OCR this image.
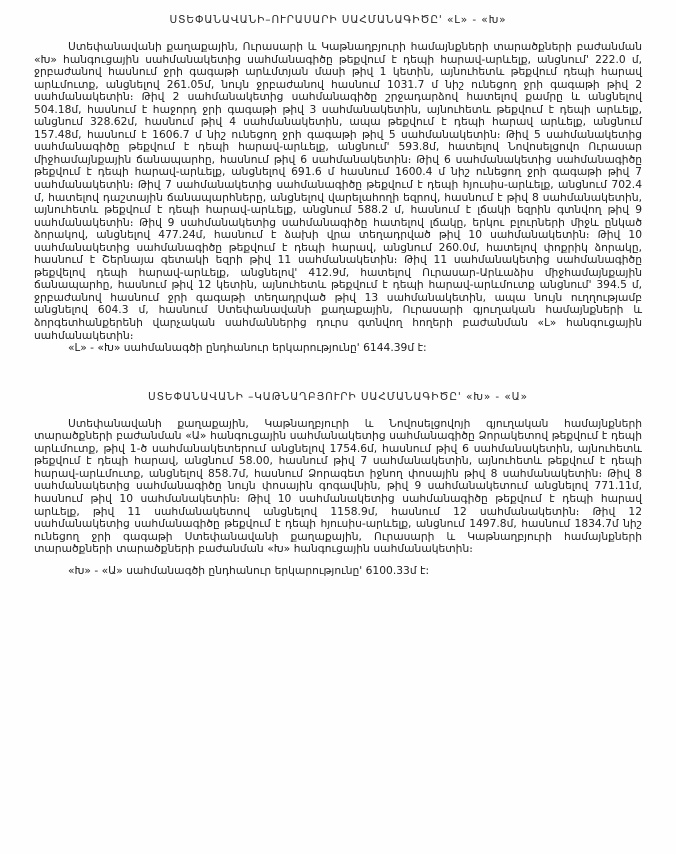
ՍՏԵՓԱՆԱՎԱՆԻ–ՈՒՐԱՍԱՐԻ ՍԱՀՄԱՆԱԳԻԾԸ' «Լ» - «Խ»

Ստեփանավանի քաղաքային, Ուրասարի և Կաթնաղբյուրի համայնքների տարածքների բաժանման «Խ» հանգուցային սահմանակետից սահմանագիծը թեքվում է դեպի հարավ-արևելք, անցնում' 222.0 մ, ջրբաժանով հասնում ջրի գագաթի արևմտյան մասի թիվ 1 կետին, այնուհետև թեքվում դեպի հարավ արևմուտք, անցնելով 261.05մ, նույն ջրբաժանով հասնում 1031.7 մ նիշ ունեցող ջրի գագաթի թիվ 2 սահմանակետին։ Թիվ 2 սահմանակետից սահմանագիծը շրջադարձով հատելով քամրը և անցնելով 504.18մ, հասնում է հաջորդ ջրի գագաթի թիվ 3 սահմանակետին, այնուհետև թեքվում է դեպի արևելք, անցնում 328.62մ, հասնում թիվ 4 սահմանակետին, ապա թեքվում է դեպի հարավ արևելք, անցնում 157.48մ, հասնում է 1606.7 մ նիշ ունեցող ջրի գագաթի թիվ 5 սահմանակետին։ Թիվ 5 սահմանակետից սահմանագիծը թեքվում է դեպի հարավ-արևելք, անցնում' 593.8մ, հատելով Նովոսելցովո Ուրասար միջհամայնքային ճանապարհը, հասնում թիվ 6 սահմանակետին։ Թիվ 6 սահմանակետից սահմանագիծը թեքվում է դեպի հարավ-արևելք, անցնելով 691.6 մ հասնում 1600.4 մ նիշ ունեցող ջրի գագաթի թիվ 7 սահմանակետին։ Թիվ 7 սահմանակետից սահմանագիծը թեքվում է դեպի հյուսիս-արևելք, անցնում 702.4 մ, հատելով դաշտային ճանապարհները, անցնելով վարելահողի եզրով, հասնում է թիվ 8 սահմանակետին, այնուհետև թեքվում է դեպի հարավ-արևելք, անցնում 588.2 մ, հասնում է լճակի եզրին գտնվող թիվ 9 սահմանակետին։ Թիվ 9 սահմանակետից սահմանագիծը հատելով լճակը, երկու բլուրների միջև ընկած ձորակով, անցնելով 477.24մ, հասնում է ձախի վրա տեղադրված թիվ 10 սահմանակետին։ Թիվ 10 սահմանակետից սահմանագիծը թեքվում է դեպի հարավ, անցնում 260.0մ, հատելով փոքրիկ ձորակը, հասնում է Շերնայա գետակի եզրի թիվ 11 սահմանակետին։ Թիվ 11 սահմանակետից սահմանագիծը թեքվելով դեպի հարավ-արևելք, անցնելով' 412.9մ, հատելով Ուրասար-Արևաձիս միջհամայնքային ճանապարհը, հասնում թիվ 12 կետին, այնուհետև թեքվում է դեպի հարավ-արևմուտք անցնում' 394.5 մ, ջրբաժանով հասնում ջրի գագաթի տեղադրված թիվ 13 սահմանակետին, ապա նույն ուղղությամբ անցնելով 604.3 մ, հասնում Ստեփանավանի քաղաքային, Ուրասարի գյուղական համայնքների և ձորգետհանքերենի վարչական սահմաններից դուրս գտնվող հողերի բաժանման «Լ» հանգուցային սահմանակետին։

«Լ» - «Խ» սահմանագծի ընդհանուր երկարությունը' 6144.39մ է:

ՍՏԵՓԱՆԱՎԱՆԻ –ԿԱԹՆԱՂԲՅՈՒՐԻ ՍԱՀՄԱՆԱԳԻԾԸ' «Խ» - «Ա»

Ստեփանավանի քաղաքային, Կաթնաղբյուրի և Նովոսելցովոյի գյուղական համայնքների տարածքների բաժանման «Ա» հանգուցային սահմանակետից սահմանագիծը Ձորակետով թեքվում է դեպի արևմուտք, թիվ 1-ծ սահմանակետերում անցնելով 1754.6մ, հասնում թիվ 6 սահմանակետին, այնուհետև թեքվում է դեպի հարավ, անցնում 58.00, հասնում թիվ 7 սահմանակետին, այնուհետև թեքվում է դեպի հարավ-արևմուտք, անցնելով 858.7մ, հասնում Ձորագետ իջնող փոսային թիվ 8 սահմանակետին։ Թիվ 8 սահմանակետից սահմանագիծը նույն փոսային գոգավնին, թիվ 9 սահմանակետում անցնելով 771.11մ, հասնում թիվ 10 սահմանակետին։ Թիվ 10 սահմանակետից սահմանագիծը թեքվում է դեպի հարավ արևելք, թիվ 11 սահմանակետով անցնելով 1158.9մ, հասնում 12 սահմանակետին։ Թիվ 12 սահմանակետից սահմանագիծը թեքվում է դեպի հյուսիս-արևելք, անցնում 1497.8մ, հասնում 1834.7մ նիշ ունեցող ջրի գագաթի Ստեփանավանի քաղաքային, Ուրասարի և Կաթնաղբյուրի համայնքների տարածքների տարածքների բաժանման «Խ» հանգուցային սահմանակետին։

«Խ» - «Ա» սահմանագծի ընդհանուր երկարությունը' 6100.33մ է:
